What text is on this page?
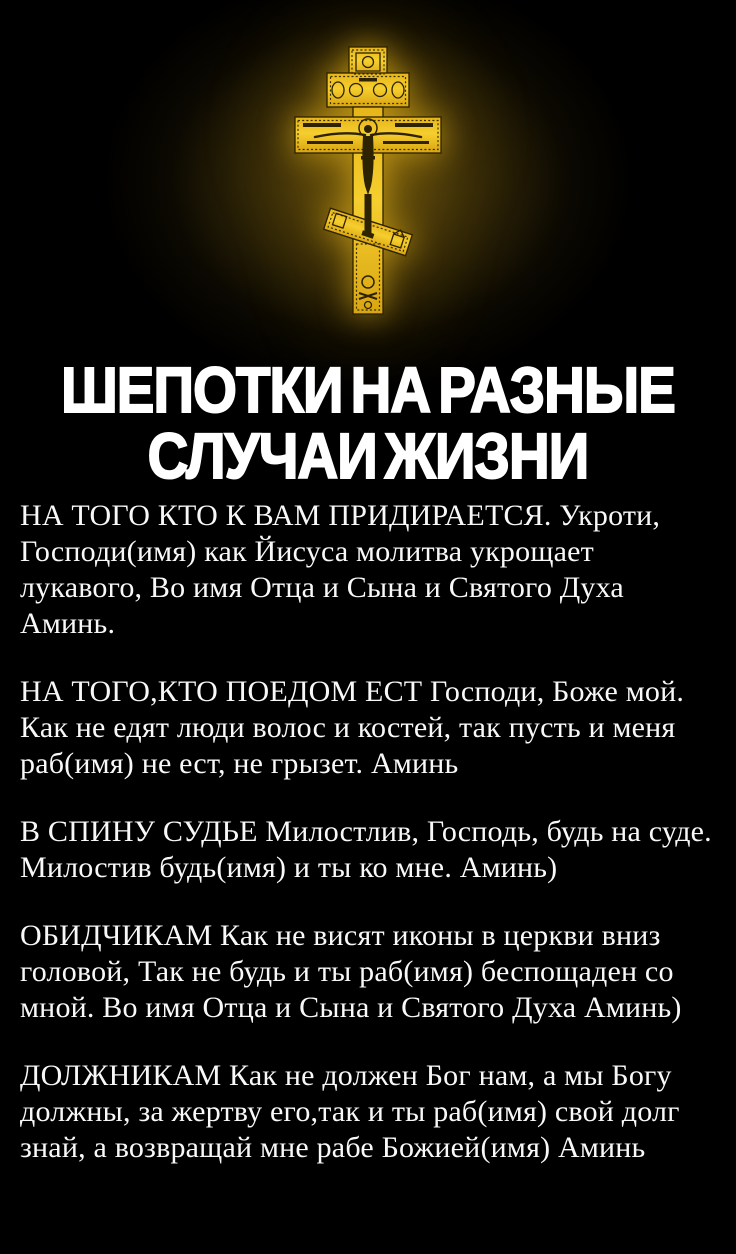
ШЕПОТКИ НА РАЗНЫЕ
СЛУЧАИ ЖИЗНИ

НА ТОГО КТО К ВАМ ПРИДИРАЕТСЯ. Укроти, Господи(имя) как Йисуса молитва укрощает лукавого, Во имя Отца и Сына и Святого Духа Аминь.

НА ТОГО,КТО ПОЕДОМ ЕСТ Господи, Боже мой. Как не едят люди волос и костей, так пусть и меня раб(имя) не ест, не грызет. Аминь

В СПИНУ СУДЬЕ Милостлив, Господь, будь на суде. Милостив будь(имя) и ты ко мне. Аминь)

ОБИДЧИКАМ Как не висят иконы в церкви вниз головой, Так не будь и ты раб(имя) беспощаден со мной. Во имя Отца и Сына и Святого Духа Аминь)

ДОЛЖНИКАМ Как не должен Бог нам, а мы Богу должны, за жертву его,так и ты раб(имя) свой долг знай, а возвращай мне рабе Божией(имя) Аминь
